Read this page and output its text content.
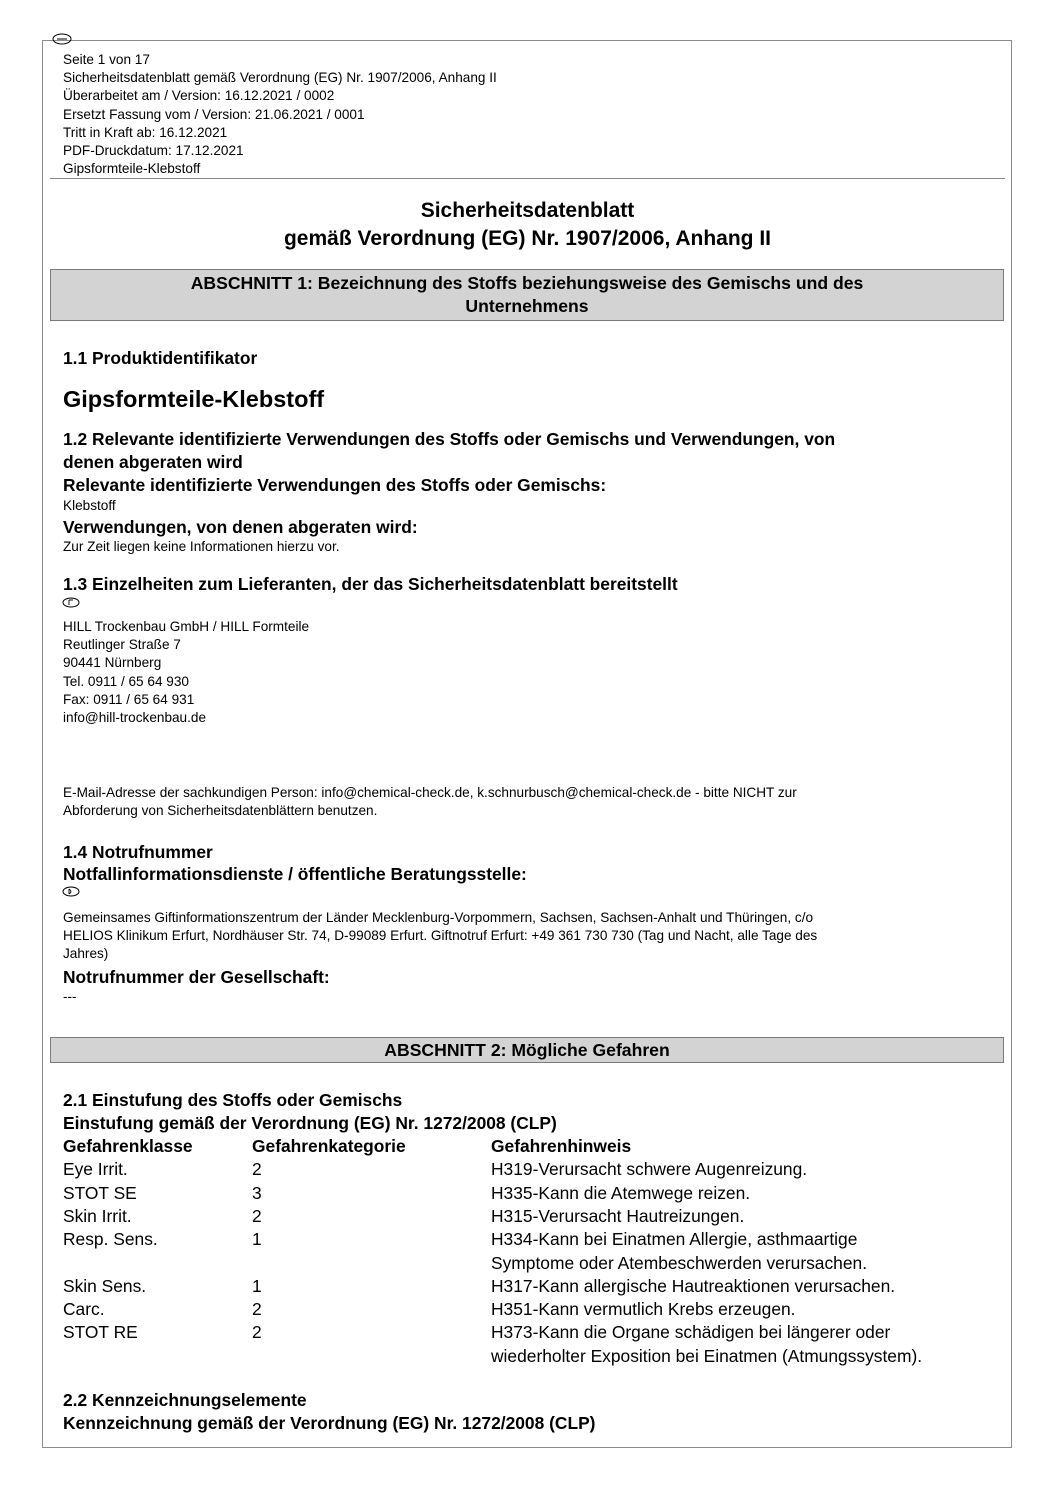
Seite 1 von 17
Sicherheitsdatenblatt gemäß Verordnung (EG) Nr. 1907/2006, Anhang II
Überarbeitet am / Version: 16.12.2021 / 0002
Ersetzt Fassung vom / Version: 21.06.2021 / 0001
Tritt in Kraft ab: 16.12.2021
PDF-Druckdatum: 17.12.2021
Gipsformteile-Klebstoff
Sicherheitsdatenblatt
gemäß Verordnung (EG) Nr. 1907/2006, Anhang II
ABSCHNITT 1: Bezeichnung des Stoffs beziehungsweise des Gemischs und des
Unternehmens
1.1 Produktidentifikator
Gipsformteile-Klebstoff
1.2 Relevante identifizierte Verwendungen des Stoffs oder Gemischs und Verwendungen, von
denen abgeraten wird
Relevante identifizierte Verwendungen des Stoffs oder Gemischs:
Klebstoff
Verwendungen, von denen abgeraten wird:
Zur Zeit liegen keine Informationen hierzu vor.
1.3 Einzelheiten zum Lieferanten, der das Sicherheitsdatenblatt bereitstellt
HILL Trockenbau GmbH / HILL Formteile
Reutlinger Straße 7
90441 Nürnberg
Tel. 0911 / 65 64 930
Fax: 0911 / 65 64 931
info@hill-trockenbau.de
E-Mail-Adresse der sachkundigen Person: info@chemical-check.de, k.schnurbusch@chemical-check.de - bitte NICHT zur
Abforderung von Sicherheitsdatenblättern benutzen.
1.4 Notrufnummer
Notfallinformationsdienste / öffentliche Beratungsstelle:
Gemeinsames Giftinformationszentrum der Länder Mecklenburg-Vorpommern, Sachsen, Sachsen-Anhalt und Thüringen, c/o
HELIOS Klinikum Erfurt, Nordhäuser Str. 74, D-99089 Erfurt. Giftnotruf Erfurt: +49 361 730 730 (Tag und Nacht, alle Tage des
Jahres)
Notrufnummer der Gesellschaft:
---
ABSCHNITT 2: Mögliche Gefahren
2.1 Einstufung des Stoffs oder Gemischs
Einstufung gemäß der Verordnung (EG) Nr. 1272/2008 (CLP)
Gefahrenklasse	Gefahrenkategorie	Gefahrenhinweis
Eye Irrit.	2	H319-Verursacht schwere Augenreizung.
STOT SE	3	H335-Kann die Atemwege reizen.
Skin Irrit.	2	H315-Verursacht Hautreizungen.
Resp. Sens.	1	H334-Kann bei Einatmen Allergie, asthmaartige
Symptome oder Atembeschwerden verursachen.
Skin Sens.	1	H317-Kann allergische Hautreaktionen verursachen.
Carc.	2	H351-Kann vermutlich Krebs erzeugen.
STOT RE	2	H373-Kann die Organe schädigen bei längerer oder
wiederholter Exposition bei Einatmen (Atmungssystem).
2.2 Kennzeichnungselemente
Kennzeichnung gemäß der Verordnung (EG) Nr. 1272/2008 (CLP)
